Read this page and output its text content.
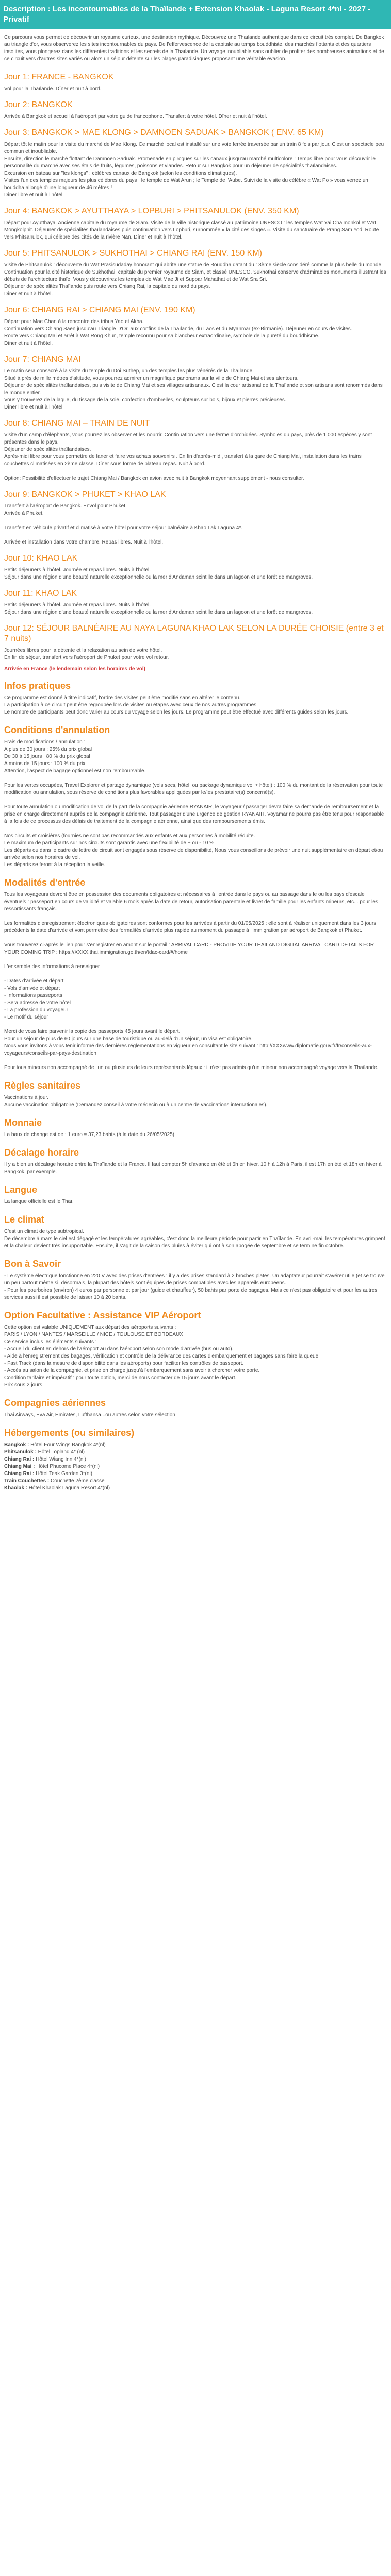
Description : Les incontournables de la Thaïlande + Extension Khaolak - Laguna Resort 4*nl - 2027 - Privatif

Ce parcours vous permet de découvrir un royaume curieux, une destination mythique. Découvrez une Thaïlande authentique dans ce circuit très complet. De Bangkok au triangle d'or, vous observerez les sites incontournables du pays. De l'effervescence de la capitale au temps bouddhiste, des marchés flottants et des quartiers insolites, vous plongerez dans les différentes traditions et les secrets de la Thaïlande. Un voyage inoubliable sans oublier de profiter des nombreuses animations et de ce circuit vers d'autres sites variés ou alors un séjour détente sur les plages paradisiaques proposant une véritable évasion.

Jour 1: FRANCE - BANGKOK

Vol pour la Thaïlande. Dîner et nuit à bord.

Jour 2: BANGKOK

Arrivée à Bangkok et accueil à l'aéroport par votre guide francophone. Transfert à votre hôtel. Dîner et nuit à l'hôtel.

Jour 3: BANGKOK > MAE KLONG > DAMNOEN SADUAK > BANGKOK ( ENV. 65 KM)

Départ tôt le matin pour la visite du marché de Mae Klong. Ce marché local est installé sur une voie ferrée traversée par un train 8 fois par jour. C'est un spectacle peu commun et inoubliable.
Ensuite, direction le marché flottant de Damnoen Saduak. Promenade en pirogues sur les canaux jusqu'au marché multicolore : Temps libre pour vous découvrir le personnalité du marché avec ses étals de fruits, légumes, poissons et viandes. Retour sur Bangkok pour un déjeuner de spécialités thaïlandaises.
Excursion en bateau sur "les klongs" : célèbres canaux de Bangkok (selon les conditions climatiques).
Visites l'un des temples majeurs les plus célèbres du pays : le temple de Wat Arun ; le Temple de l'Aube. Suivi de la visite du célèbre « Wat Po » vous verrez un bouddha allongé d'une longueur de 46 mètres !
Dîner libre et nuit à l'hôtel.

Jour 4: BANGKOK > AYUTTHAYA > LOPBURI > PHITSANULOK (ENV. 350 KM)

Départ pour Ayutthaya. Ancienne capitale du royaume de Siam. Visite de la ville historique classé au patrimoine UNESCO : les temples Wat Yai Chaimonkol et Wat Mongkolphit. Déjeuner de spécialités thaïlandaises puis continuation vers Lopburi, surnommée « la cité des singes ». Visite du sanctuaire de Prang Sam Yod. Route vers Phitsanulok, qui célèbre des cités de la rivière Nan. Dîner et nuit à l'hôtel.

Jour 5: PHITSANULOK > SUKHOTHAI > CHIANG RAI (ENV. 150 KM)

Visite de Phitsanulok : découverte du Wat Prasisudaday honorant qui abrite une statue de Bouddha datant du 13ème siècle considéré comme la plus belle du monde.
Continuation pour la cité historique de Sukhothai, capitale du premier royaume de Siam, et classé UNESCO. Sukhothai conserve d'admirables monuments illustrant les débuts de l'architecture thaïe. Vous y découvrirez les temples de Wat Mae Ji et Suppar Mahathat et de Wat Sra Sri.
Déjeuner de spécialités Thaïlande puis route vers Chiang Rai, la capitale du nord du pays.
Dîner et nuit à l'hôtel.

Jour 6: CHIANG RAI > CHIANG MAI (ENV. 190 KM)

Départ pour Mae Chan à la rencontre des tribus Yao et Akha.
Continuation vers Chiang Saen jusqu'au Triangle D'Or, aux confins de la Thaïlande, du Laos et du Myanmar (ex-Birmanie). Déjeuner en cours de visites.
Route vers Chiang Mai et arrêt à Wat Rong Khun, temple reconnu pour sa blancheur extraordinaire, symbole de la pureté du bouddhisme.
Dîner et nuit à l'hôtel.

Jour 7: CHIANG MAI

Le matin sera consacré à la visite du temple du Doi Suthep, un des temples les plus vénérés de la Thaïlande.
Situé à près de mille mètres d'altitude, vous pourrez admirer un magnifique panorama sur la ville de Chiang Mai et ses alentours.
Déjeuner de spécialités thaïlandaises, puis visite de Chiang Mai et ses villages artisanaux. C'est la cour artisanal de la Thaïlande et son artisans sont renommés dans le monde entier.
Vous y trouverez de la laque, du tissage de la soie, confection d'ombrelles, sculpteurs sur bois, bijoux et pierres précieuses.
Dîner libre et nuit à l'hôtel.

Jour 8: CHIANG MAI – TRAIN DE NUIT

Visite d'un camp d'éléphants, vous pourrez les observer et les nourrir. Continuation vers une ferme d'orchidées. Symboles du pays, près de 1 000 espèces y sont présentes dans le pays.
Déjeuner de spécialités thaïlandaises.
Après-midi libre pour vous permettre de faner et faire vos achats souvenirs . En fin d'après-midi, transfert à la gare de Chiang Mai, installation dans les trains couchettes climatisées en 2ème classe. Dîner sous forme de plateau repas. Nuit à bord.

Option: Possibilité d'effectuer le trajet Chiang Mai / Bangkok en avion avec nuit à Bangkok moyennant supplément - nous consulter.

Jour 9: BANGKOK > PHUKET > KHAO LAK

Transfert à l'aéroport de Bangkok. Envol pour Phuket.
Arrivée à Phuket.

Transfert en véhicule privatif et climatisé à votre hôtel pour votre séjour balnéaire à Khao Lak Laguna 4*.

Arrivée et installation dans votre chambre. Repas libres. Nuit à l'hôtel.

Jour 10: KHAO LAK

Petits déjeuners à l'hôtel. Journée et repas libres. Nuits à l'hôtel.
Séjour dans une région d'une beauté naturelle exceptionnelle ou la mer d'Andaman scintille dans un lagoon et une forêt de mangroves.

Jour 11: KHAO LAK

Petits déjeuners à l'hôtel. Journée et repas libres. Nuits à l'hôtel.
Séjour dans une région d'une beauté naturelle exceptionnelle ou la mer d'Andaman scintille dans un lagoon et une forêt de mangroves.

Jour 12: SÉJOUR BALNÉAIRE AU NAYA LAGUNA KHAO LAK SELON LA DURÉE CHOISIE (entre 3 et 7 nuits)

Journées libres pour la détente et la relaxation au sein de votre hôtel.
En fin de séjour, transfert vers l'aéroport de Phuket pour votre vol retour.

Arrivée en France (le lendemain selon les horaires de vol)

Infos pratiques

Ce programme est donné à titre indicatif, l'ordre des visites peut être modifié sans en altérer le contenu.
La participation à ce circuit peut être regroupée lors de visites ou étapes avec ceux de nos autres programmes.
Le nombre de participants peut donc varier au cours du voyage selon les jours. Le programme peut être effectué avec différents guides selon les jours.

Conditions d'annulation

Frais de modifications / annulation :
A plus de 30 jours : 25% du prix global
De 30 à 15 jours : 80 % du prix global
A moins de 15 jours : 100 % du prix
Attention, l'aspect de bagage optionnel est non remboursable.

Pour les vertes occupées, Travel Explorer et partage dynamique (vols secs, hôtel, ou package dynamique vol + hôtel) : 100 % du montant de la réservation pour toute modification ou annulation, sous réserve de conditions plus favorables appliquées par le/les prestataire(s) concerné(s).

Pour toute annulation ou modification de vol de la part de la compagnie aérienne RYANAIR, le voyageur / passager devra faire sa demande de remboursement et la prise en charge directement auprès de la compagnie aérienne. Tout passager d'une urgence de gestion RYANAIR. Voyamar ne pourra pas être tenu pour responsable à la fois de ce processus des délais de traitement de la compagnie aérienne, ainsi que des remboursements émis.

Nos circuits et croisières (fournies ne sont pas recommandés aux enfants et aux personnes à mobilité réduite.
Le maximum de participants sur nos circuits sont garantis avec une flexibilité de + ou - 10 %.
Les départs ou dans le cadre de lettre de circuit sont engagés sous réserve de disponibilité, Nous vous conseillons de prévoir une nuit supplémentaire en départ et/ou arrivée selon nos horaires de vol.
Les départs se feront à la réception la veille.

Modalités d'entrée

Tous les voyageurs devront être en possession des documents obligatoires et nécessaires à l'entrée dans le pays ou au passage dans le ou les pays d'escale éventuels : passeport en cours de validité et valable 6 mois après la date de retour, autorisation parentale et livret de famille pour les enfants mineurs, etc... pour les ressortissants français.

Les formalités d'enregistrement électroniques obligatoires sont conformes pour les arrivées à partir du 01/05/2025 : elle sont à réaliser uniquement dans les 3 jours précédents la date d'arrivée et vont permettre des formalités d'arrivée plus rapide au moment du passage à l'immigration par aéroport de Bangkok et Phuket.

Vous trouverez ci-après le lien pour s'enregistrer en amont sur le portail : ARRIVAL CARD - PROVIDE YOUR THAILAND DIGITAL ARRIVAL CARD DETAILS FOR YOUR COMING TRIP : https://XXXX.thai.immigration.go.th/en/tdac-card/#/home

L'ensemble des informations à renseigner :

- Dates d'arrivée et départ
- Vols d'arrivée et départ
- Informations passeports
- Sera adresse de votre hôtel
- La profession du voyageur
- Le motif du séjour

Merci de vous faire parvenir la copie des passeports 45 jours avant le départ.
Pour un séjour de plus de 60 jours sur une base de touristique ou au-delà d'un séjour, un visa est obligatoire.
Nous vous invitons à vous tenir informé des dernières réglementations en vigueur en consultant le site suivant : http://XXXwww.diplomatie.gouv.fr/fr/conseils-aux-voyageurs/conseils-par-pays-destination

Pour tous mineurs non accompagné de l'un ou plusieurs de leurs représentants légaux : il n'est pas admis qu'un mineur non accompagné voyage vers la Thaïlande.

Règles sanitaires

Vaccinations à jour.
Aucune vaccination obligatoire (Demandez conseil à votre médecin ou à un centre de vaccinations internationales).

Monnaie

La baux de change est de : 1 euro = 37,23 bahts (à la date du 26/05/2025)

Décalage horaire

Il y a bien un décalage horaire entre la Thaïlande et la France. Il faut compter 5h d'avance en été et 6h en hiver. 10 h à 12h à Paris, il est 17h en été et 18h en hiver à Bangkok, par exemple.

Langue

La langue officielle est le Thaï.

Le climat

C'est un climat de type subtropical.
De décembre à mars le ciel est dégagé et les températures agréables, c'est donc la meilleure période pour partir en Thaïlande. En avril-mai, les températures grimpent et la chaleur devient très insupportable. Ensuite, il s'agit de la saison des pluies à éviter qui ont à son apogée de septembre et se termine fin octobre.

Bon à Savoir

- Le système électrique fonctionne en 220 V avec des prises d'entrées : il y a des prises standard à 2 broches plates. Un adaptateur pourrait s'avérer utile (et se trouve un peu partout même si, désormais, la plupart des hôtels sont équipés de prises compatibles avec les appareils européens.
- Pour les pourboires (environ) 4 euros par personne et par jour (guide et chauffeur), 50 bahts par porte de bagages. Mais ce n'est pas obligatoire et pour les autres services aussi il est possible de laisser 10 à 20 bahts.

Option Facultative : Assistance VIP Aéroport

Cette option est valable UNIQUEMENT aux départ des aéroports suivants :
PARIS / LYON / NANTES / MARSEILLE / NICE / TOULOUSE ET BORDEAUX
Ce service inclus les éléments suivants :
- Accueil du client en dehors de l'aéroport au dans l'aéroport selon son mode d'arrivée (bus ou auto).
- Aide à l'enregistrement des bagages, vérification et contrôle de la délivrance des cartes d'embarquement et bagages sans faire la queue.
- Fast Track (dans la mesure de disponibilité dans les aéroports) pour faciliter les contrôles de passeport.
- Accès au salon de la compagnie, et prise en charge jusqu'à l'embarquement sans avoir à chercher votre porte.
Condition tarifaire et impératif : pour toute option, merci de nous contacter de 15 jours avant le départ.
Prix sous 2 jours

Compagnies aériennes

Thai Airways, Eva Air, Emirates, Lufthansa...ou autres selon votre sélection

Hébergements (ou similaires)

Bangkok : Hôtel Four Wings Bangkok 4*(nl)

Phitsanulok : Hôtel Topland 4* (nl)

Chiang Rai : Hôtel Wiang Inn 4*(nl)

Chiang Mai : Hôtel Phucome Place 4*(nl)

Chiang Rai : Hôtel Teak Garden 3*(nl)

Train Couchettes : Couchette 2ème classe

Khaolak : Hôtel Khaolak Laguna Resort 4*(nl)
